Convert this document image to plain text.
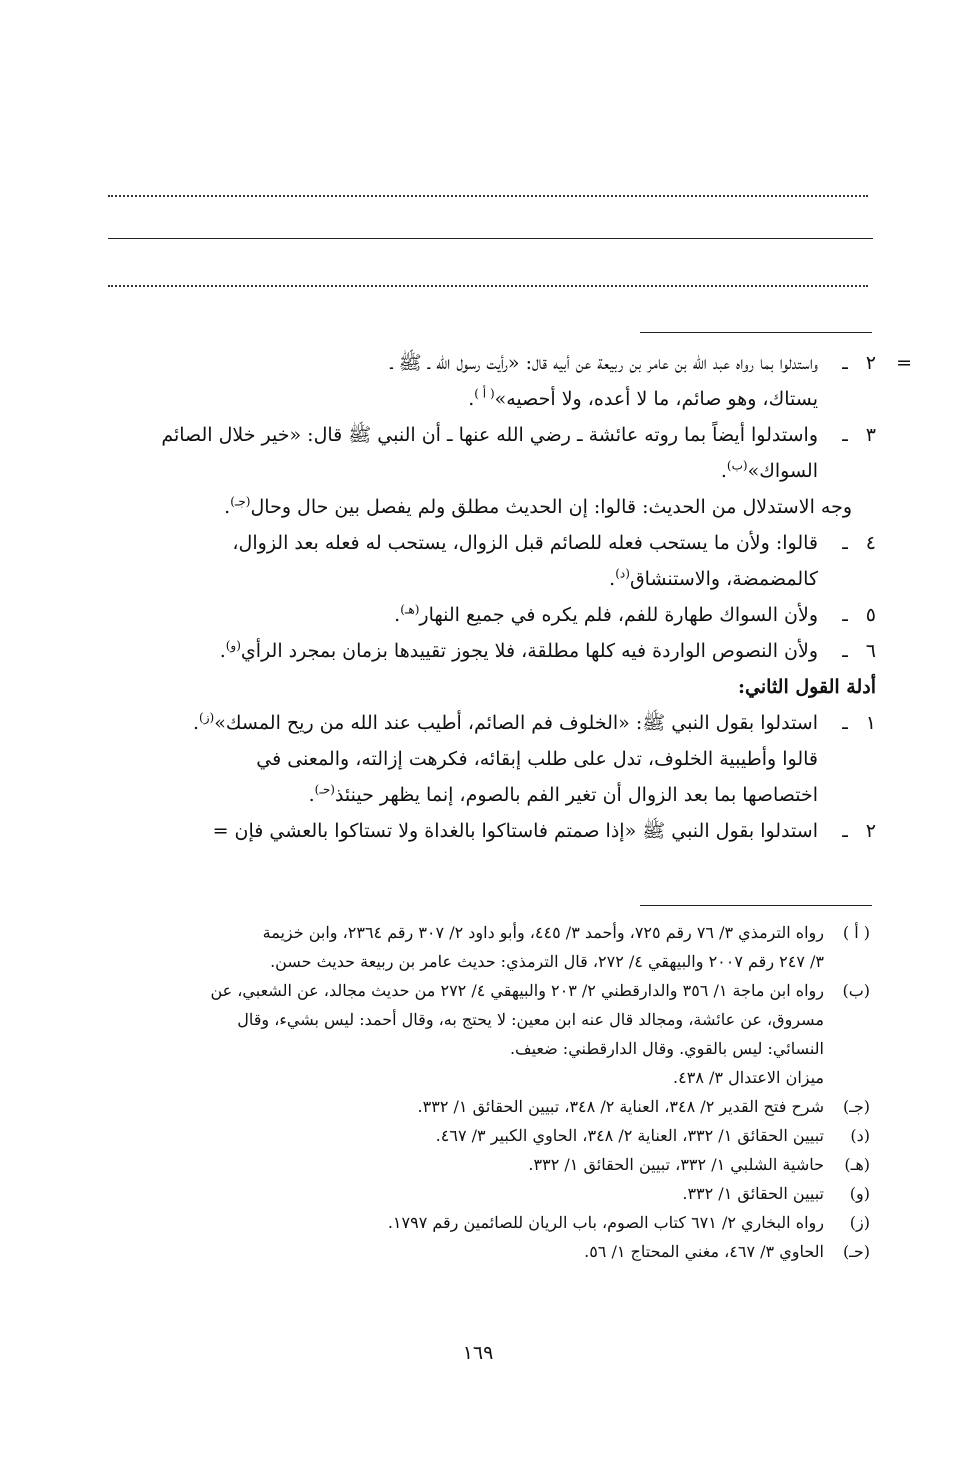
=
٢
ـ
واستدلوا بما رواه عبد الله بن عامر بن ربيعة عن أبيه قال: «رأيت رسول الله ـ ﷺ ـ
يستاك، وهو صائم، ما لا أعده، ولا أحصيه»$^{( أ )}$.
٣
ـ
واستدلوا أيضاً بما روته عائشة ـ رضي الله عنها ـ أن النبي ﷺ قال: «خير خلال الصائم
السواك»$^{(ب)}$.
وجه الاستدلال من الحديث: قالوا: إن الحديث مطلق ولم يفصل بين حال وحال$^{(جـ)}$.
٤
ـ
قالوا: ولأن ما يستحب فعله للصائم قبل الزوال، يستحب له فعله بعد الزوال،
كالمضمضة، والاستنشاق$^{(د)}$.
٥
ـ
ولأن السواك طهارة للفم، فلم يكره في جميع النهار$^{(هـ)}$.
٦
ـ
ولأن النصوص الواردة فيه كلها مطلقة، فلا يجوز تقييدها بزمان بمجرد الرأي$^{(و)}$.
أدلة القول الثاني:
١
ـ
استدلوا بقول النبي ﷺ: «الخلوف فم الصائم، أطيب عند الله من ريح المسك»$^{(ز)}$.
قالوا وأطيبية الخلوف، تدل على طلب إبقائه، فكرهت إزالته، والمعنى في
اختصاصها بما بعد الزوال أن تغير الفم بالصوم، إنما يظهر حينئذ$^{(حـ)}$.
٢
ـ
استدلوا بقول النبي ﷺ «إذا صمتم فاستاكوا بالغداة ولا تستاكوا بالعشي فإن =
( أ )
رواه الترمذي ٣/ ٧٦ رقم ٧٢٥، وأحمد ٣/ ٤٤٥، وأبو داود ٢/ ٣٠٧ رقم ٢٣٦٤، وابن خزيمة
٣/ ٢٤٧ رقم ٢٠٠٧ والبيهقي ٤/ ٢٧٢، قال الترمذي: حديث عامر بن ربيعة حديث حسن.
(ب)
رواه ابن ماجة ١/ ٣٥٦ والدارقطني ٢/ ٢٠٣ والبيهقي ٤/ ٢٧٢ من حديث مجالد، عن الشعبي، عن
مسروق، عن عائشة، ومجالد قال عنه ابن معين: لا يحتج به، وقال أحمد: ليس بشيء، وقال
النسائي: ليس بالقوي. وقال الدارقطني: ضعيف.
ميزان الاعتدال ٣/ ٤٣٨.
(جـ)
شرح فتح القدير ٢/ ٣٤٨، العناية ٢/ ٣٤٨، تبيين الحقائق ١/ ٣٣٢.
(د)
تبيين الحقائق ١/ ٣٣٢، العناية ٢/ ٣٤٨، الحاوي الكبير ٣/ ٤٦٧.
(هـ)
حاشية الشلبي ١/ ٣٣٢، تبيين الحقائق ١/ ٣٣٢.
(و)
تبيين الحقائق ١/ ٣٣٢.
(ز)
رواه البخاري ٢/ ٦٧١ كتاب الصوم، باب الريان للصائمين رقم ١٧٩٧.
(حـ)
الحاوي ٣/ ٤٦٧، مغني المحتاج ١/ ٥٦.
١٦٩
